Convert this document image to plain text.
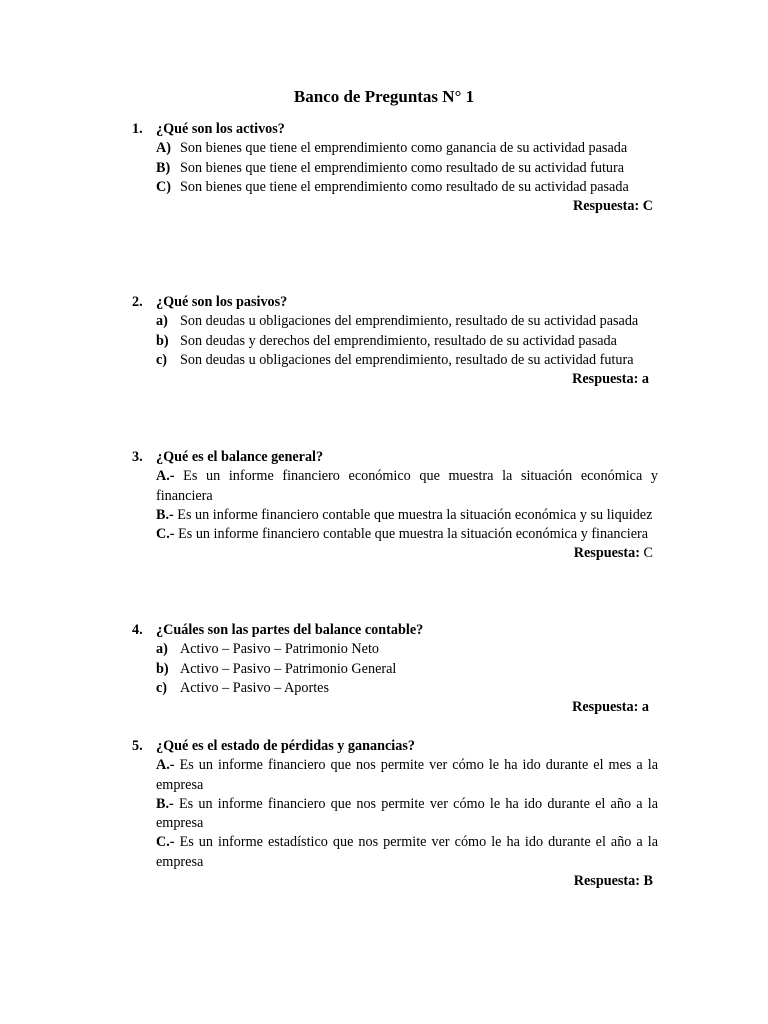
Banco de Preguntas N° 1
1. ¿Qué son los activos?
A) Son bienes que tiene el emprendimiento como ganancia de su actividad pasada
B) Son bienes que tiene el emprendimiento como resultado de su actividad futura
C) Son bienes que tiene el emprendimiento como resultado de su actividad pasada
Respuesta: C
2. ¿Qué son los pasivos?
a) Son deudas u obligaciones del emprendimiento, resultado de su actividad pasada
b) Son deudas y derechos del emprendimiento, resultado de su actividad pasada
c) Son deudas u obligaciones del emprendimiento, resultado de su actividad futura
Respuesta: a
3. ¿Qué es el balance general?
A.- Es un informe financiero económico que muestra la situación económica y financiera
B.- Es un informe financiero contable que muestra la situación económica y su liquidez
C.- Es un informe financiero contable que muestra la situación económica y financiera
Respuesta: C
4. ¿Cuáles son las partes del balance contable?
a) Activo – Pasivo – Patrimonio Neto
b) Activo – Pasivo – Patrimonio General
c) Activo – Pasivo – Aportes
Respuesta: a
5. ¿Qué es el estado de pérdidas y ganancias?
A.- Es un informe financiero que nos permite ver cómo le ha ido durante el mes a la empresa
B.- Es un informe financiero que nos permite ver cómo le ha ido durante el año a la empresa
C.- Es un informe estadístico que nos permite ver cómo le ha ido durante el año a la empresa
Respuesta: B
